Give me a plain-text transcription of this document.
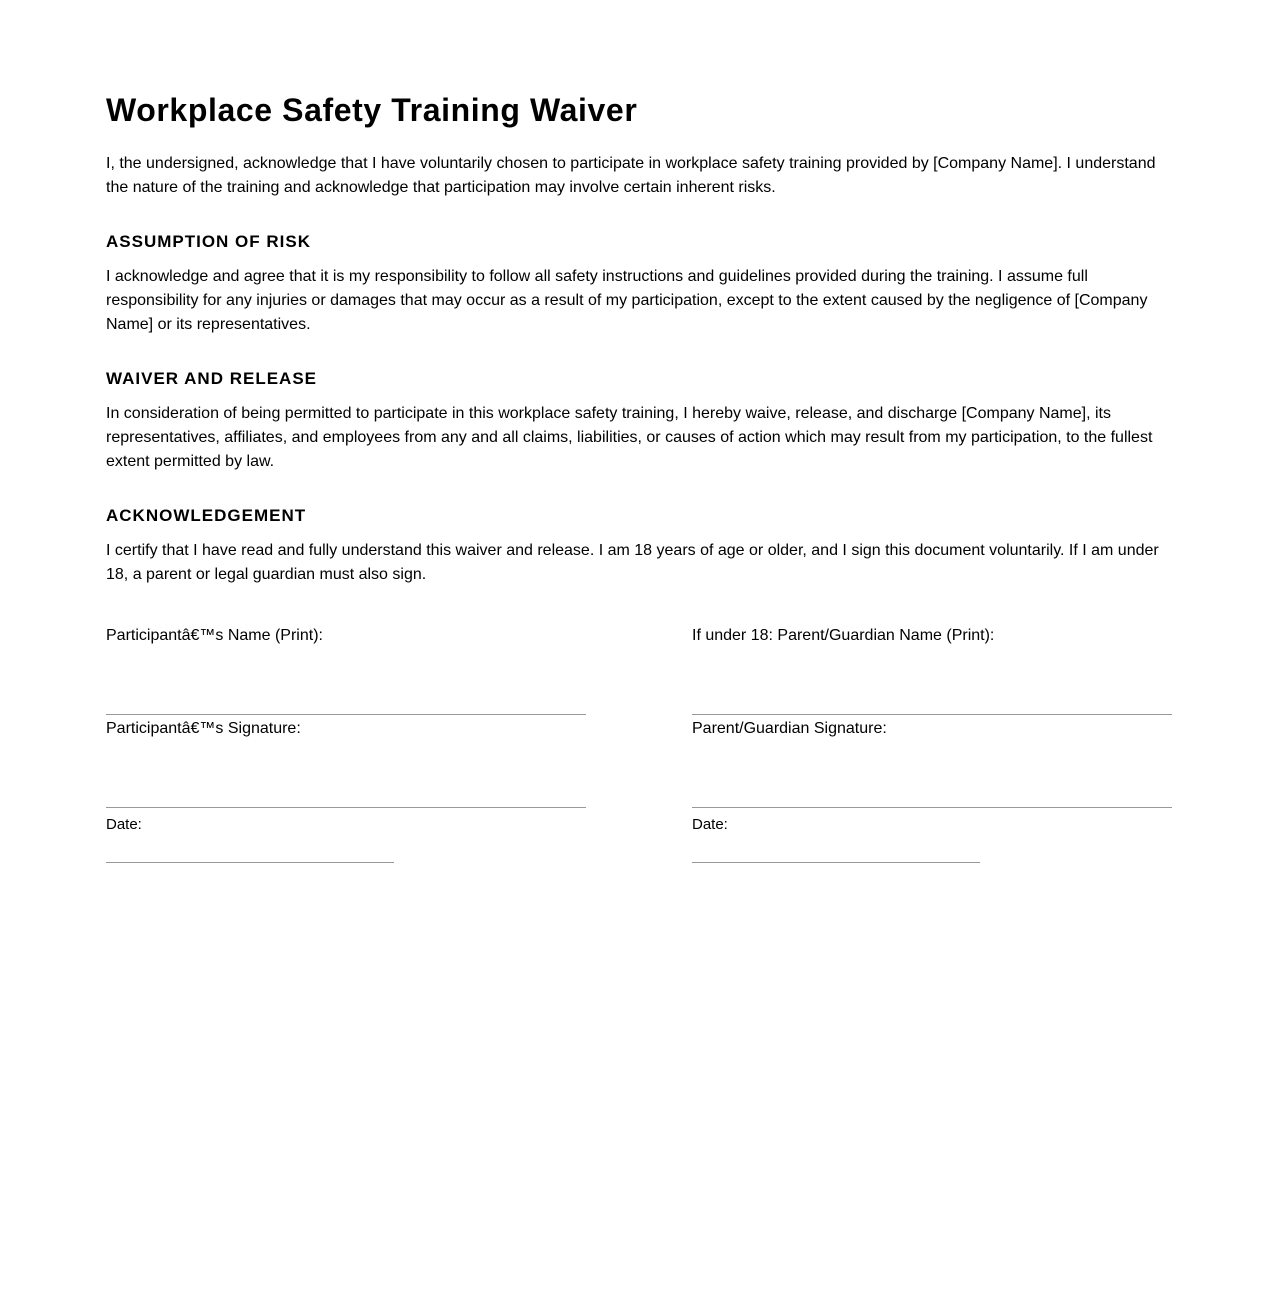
Workplace Safety Training Waiver

I, the undersigned, acknowledge that I have voluntarily chosen to participate in workplace safety training provided by [Company Name]. I understand the nature of the training and acknowledge that participation may involve certain inherent risks.

ASSUMPTION OF RISK

I acknowledge and agree that it is my responsibility to follow all safety instructions and guidelines provided during the training. I assume full responsibility for any injuries or damages that may occur as a result of my participation, except to the extent caused by the negligence of [Company Name] or its representatives.

WAIVER AND RELEASE

In consideration of being permitted to participate in this workplace safety training, I hereby waive, release, and discharge [Company Name], its representatives, affiliates, and employees from any and all claims, liabilities, or causes of action which may result from my participation, to the fullest extent permitted by law.

ACKNOWLEDGEMENT

I certify that I have read and fully understand this waiver and release. I am 18 years of age or older, and I sign this document voluntarily. If I am under 18, a parent or legal guardian must also sign.

Participantâ€™s Name (Print):
Participantâ€™s Signature:
Date:
If under 18: Parent/Guardian Name (Print):
Parent/Guardian Signature:
Date:
